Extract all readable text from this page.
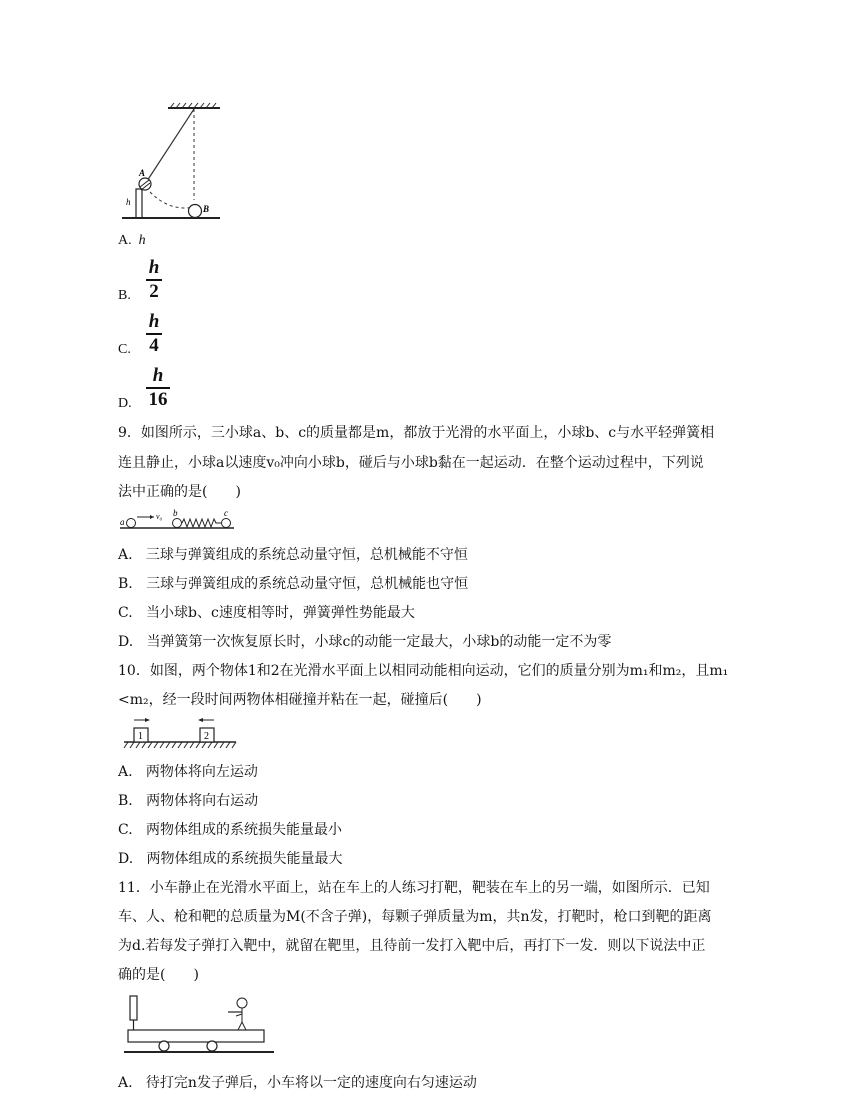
A
B
h
A. h
B.
h
2
C.
h
4
D.
h
16
9．如图所示，三小球a、b、c的质量都是m，都放于光滑的水平面上，小球b、c与水平轻弹簧相
连且静止，小球a以速度v₀冲向小球b，碰后与小球b黏在一起运动．在整个运动过程中，下列说
法中正确的是(　　)
a
v₀ b	c
A. 三球与弹簧组成的系统总动量守恒，总机械能不守恒
B. 三球与弹簧组成的系统总动量守恒，总机械能也守恒
C. 当小球b、c速度相等时，弹簧弹性势能最大
D. 当弹簧第一次恢复原长时，小球c的动能一定最大，小球b的动能一定不为零
10．如图，两个物体1和2在光滑水平面上以相同动能相向运动，它们的质量分别为m₁和m₂，且m₁
<m₂，经一段时间两物体相碰撞并粘在一起，碰撞后(　　)
1	2
A. 两物体将向左运动
B. 两物体将向右运动
C. 两物体组成的系统损失能量最小
D. 两物体组成的系统损失能量最大
11．小车静止在光滑水平面上，站在车上的人练习打靶，靶装在车上的另一端，如图所示．已知
车、人、枪和靶的总质量为M(不含子弹)，每颗子弹质量为m，共n发，打靶时，枪口到靶的距离
为d.若每发子弹打入靶中，就留在靶里，且待前一发打入靶中后，再打下一发．则以下说法中正
确的是(　　)
A. 待打完n发子弹后，小车将以一定的速度向右匀速运动
